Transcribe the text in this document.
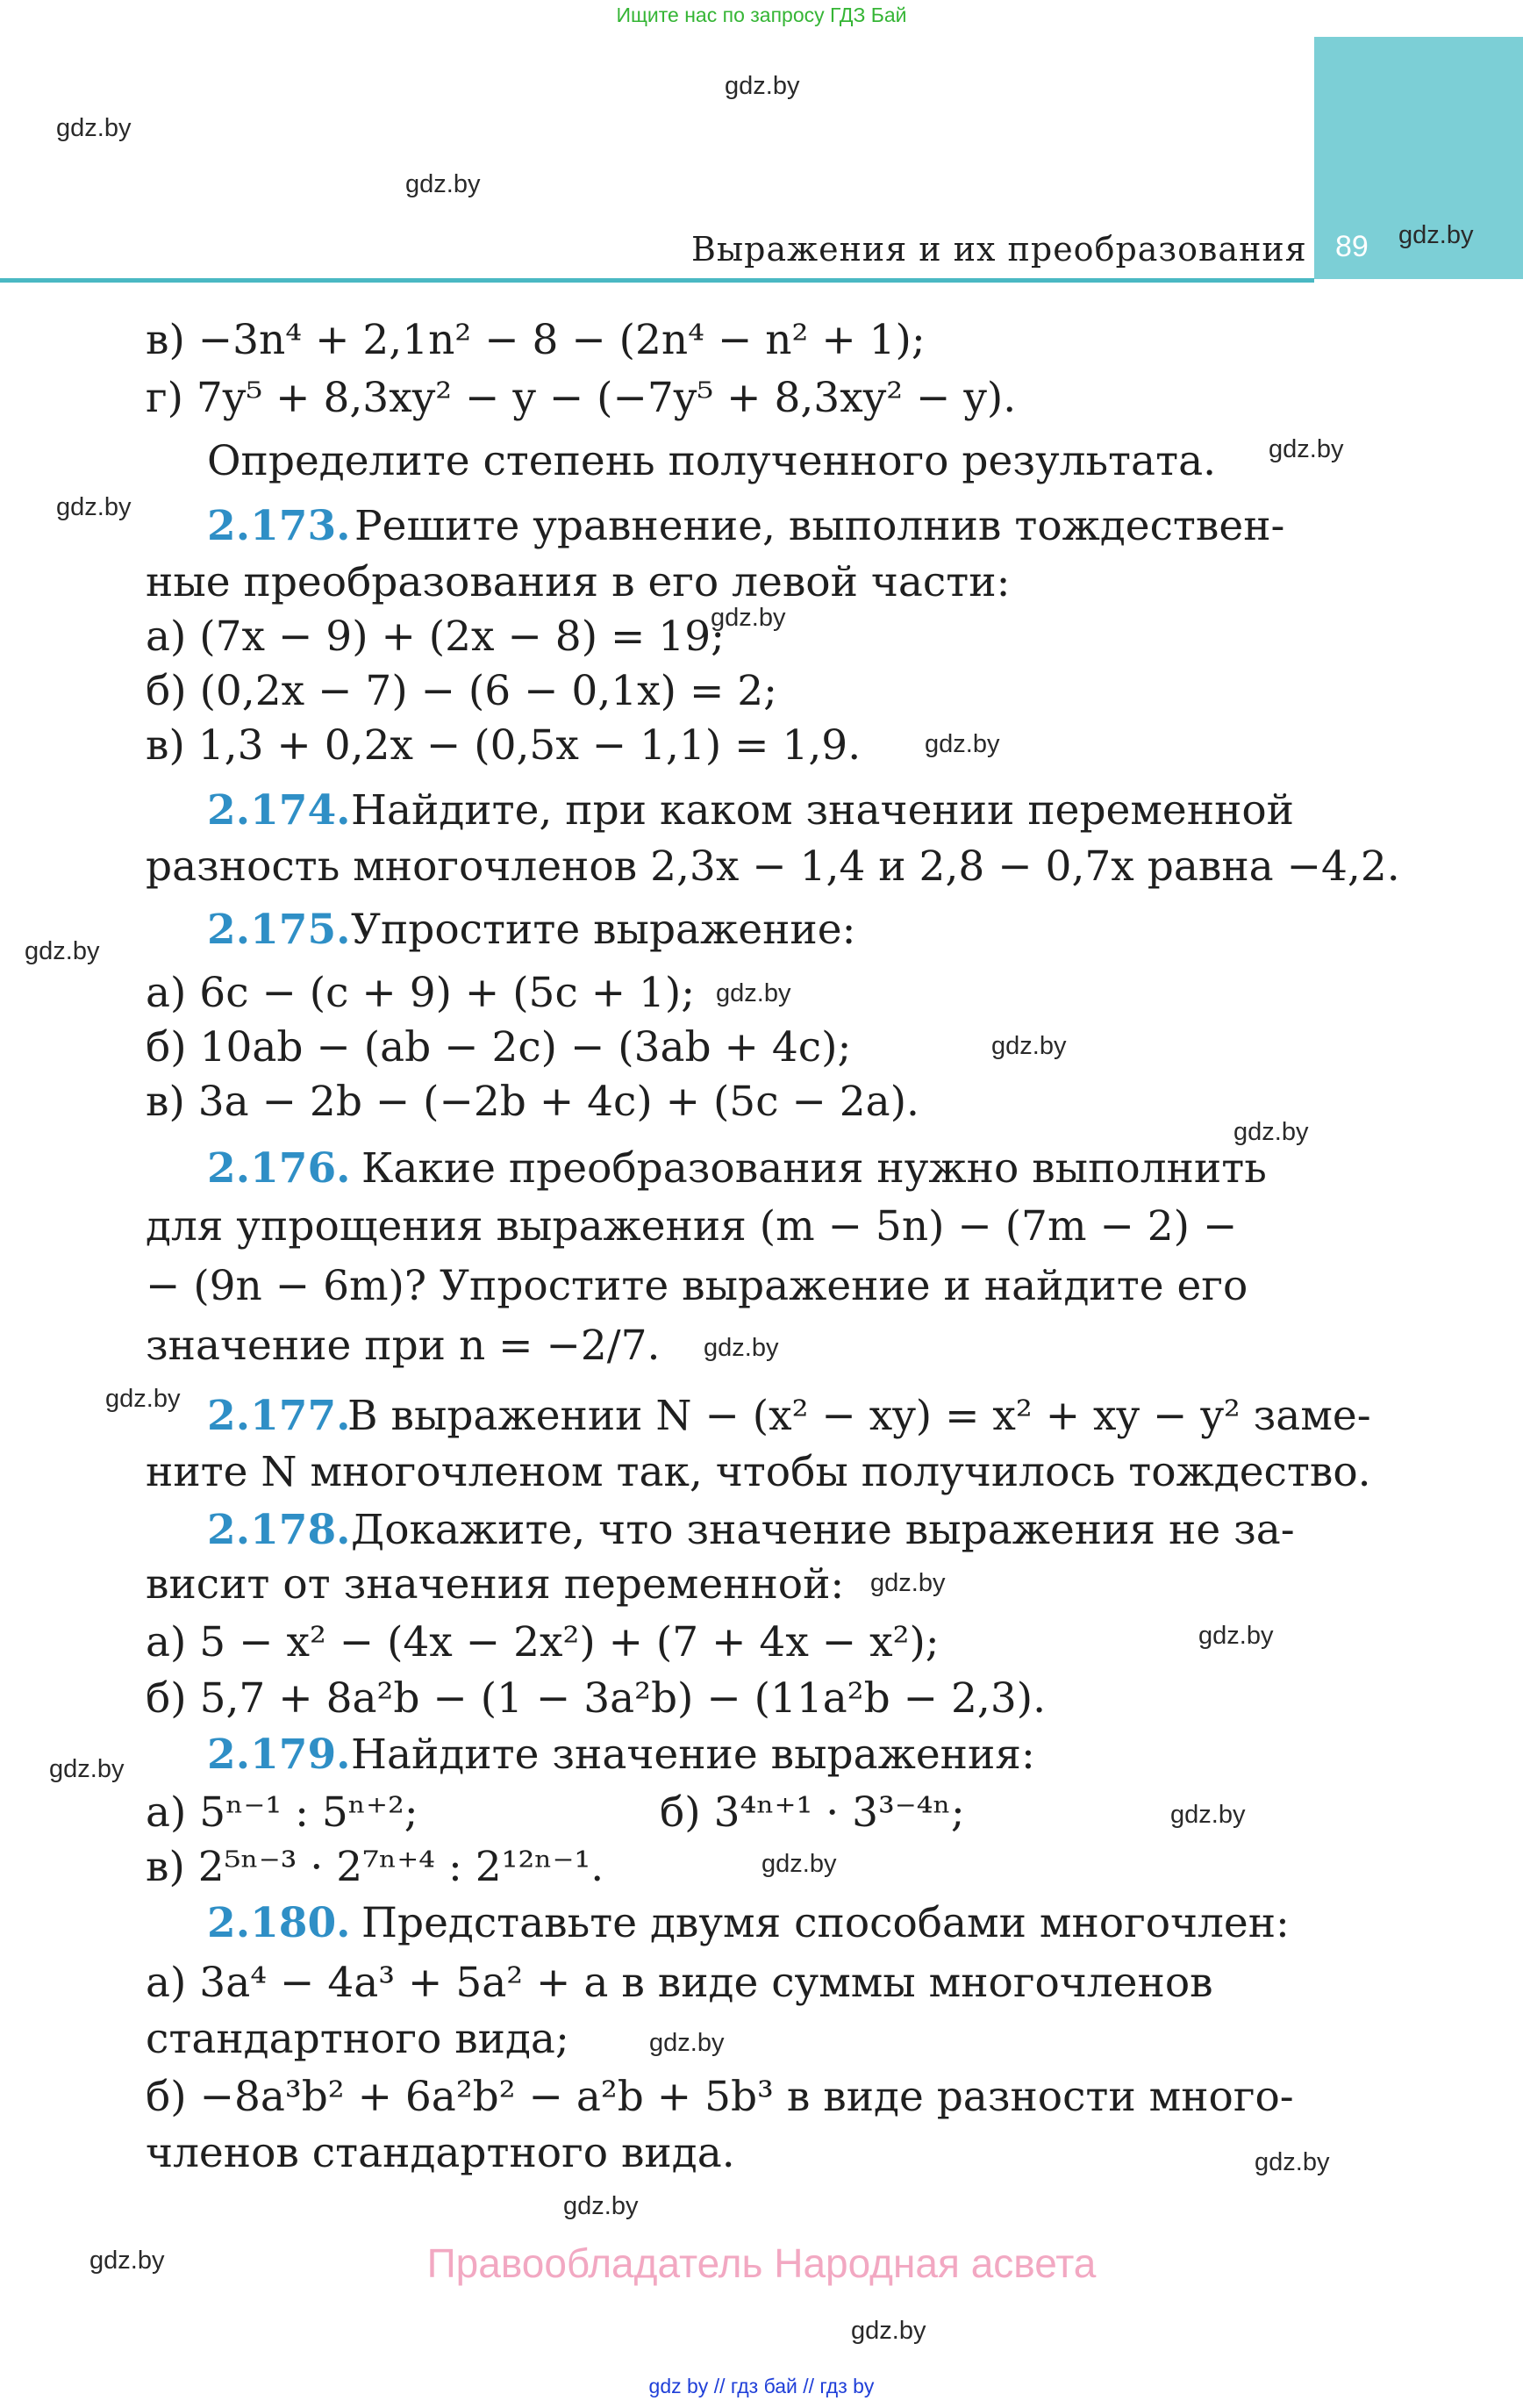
Ищите нас по запросу ГДЗ Бай
89
Выражения и их преобразования
gdz.by
gdz.by
gdz.by
gdz.by
gdz.by
gdz.by
gdz.by
gdz.by
gdz.by
gdz.by
gdz.by
gdz.by
gdz.by
gdz.by
gdz.by
gdz.by
gdz.by
gdz.by
gdz.by
gdz.by
gdz.by
gdz.by
gdz.by
gdz.by
в) −3n⁴ + 2,1n² − 8 − (2n⁴ − n² + 1);
г) 7y⁵ + 8,3xy² − y − (−7y⁵ + 8,3xy² − y).
Определите степень полученного результата.
2.173. Решите уравнение, выполнив тождествен-
ные преобразования в его левой части:
а) (7x − 9) + (2x − 8) = 19;
б) (0,2x − 7) − (6 − 0,1x) = 2;
в) 1,3 + 0,2x − (0,5x − 1,1) = 1,9.
2.174. Найдите, при каком значении переменной
разность многочленов 2,3x − 1,4 и 2,8 − 0,7x равна −4,2.
2.175. Упростите выражение:
а) 6c − (c + 9) + (5c + 1);
б) 10ab − (ab − 2c) − (3ab + 4c);
в) 3a − 2b − (−2b + 4c) + (5c − 2a).
2.176. Какие преобразования нужно выполнить
для упрощения выражения (m − 5n) − (7m − 2) −
− (9n − 6m)? Упростите выражение и найдите его
значение при n = −2/7.
2.177.
В выражении N − (x² − xy) = x² + xy − y² заме-
ните N многочленом так, чтобы получилось тождество.
2.178. Докажите, что значение выражения не за-
висит от значения переменной:
а) 5 − x² − (4x − 2x²) + (7 + 4x − x²);
б) 5,7 + 8a²b − (1 − 3a²b) − (11a²b − 2,3).
2.179. Найдите значение выражения:
а) 5ⁿ⁻¹ : 5ⁿ⁺²;	б) 3⁴ⁿ⁺¹ · 3³⁻⁴ⁿ;
в) 2⁵ⁿ⁻³ · 2⁷ⁿ⁺⁴ : 2¹²ⁿ⁻¹.
2.180. Представьте двумя способами многочлен:
а) 3a⁴ − 4a³ + 5a² + a в виде суммы многочленов
стандартного вида;
б) −8a³b² + 6a²b² − a²b + 5b³ в виде разности много-
членов стандартного вида.
Правообладатель Народная асвета
gdz by // гдз бай // гдз by
